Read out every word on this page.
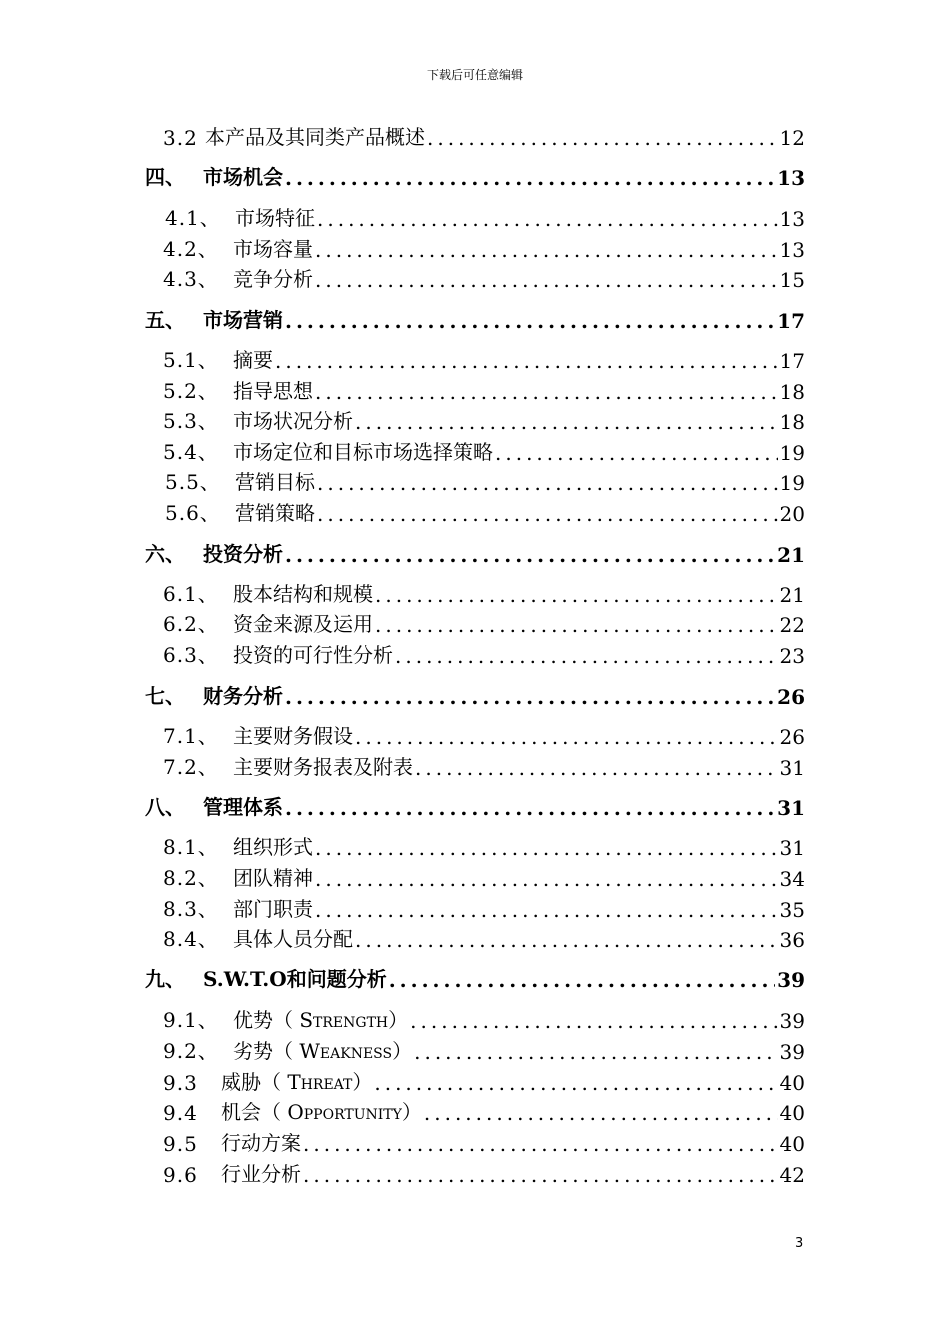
下载后可任意编辑
3.2 本产品及其同类产品概述 .....	12
四、 市场机会 .....	13
4.1、 市场特征 .....	13
4.2、 市场容量 .....	13
4.3、 竞争分析 .....	15
五、 市场营销 .....	17
5.1、 摘要 .....	17
5.2、 指导思想 .....	18
5.3、 市场状况分析 .....	18
5.4、 市场定位和目标市场选择策略 .....	19
5.5、 营销目标 .....	19
5.6、 营销策略 .....	20
六、 投资分析 .....	21
6.1、 股本结构和规模 .....	21
6.2、 资金来源及运用 .....	22
6.3、 投资的可行性分析 .....	23
七、 财务分析 .....	26
7.1、 主要财务假设 .....	26
7.2、 主要财务报表及附表 .....	31
八、 管理体系 .....	31
8.1、 组织形式 .....	31
8.2、 团队精神 .....	34
8.3、 部门职责 .....	35
8.4、 具体人员分配 .....	36
九、 S.W.T.O和问题分析 .....	39
9.1、 优势（ Strength） .....	39
9.2、 劣势（ Weakness） .....	39
9.3	威胁（ Threat） .....	40
9.4	机会（ Opportunity） .....	40
9.5	行动方案 .....	40
9.6	行业分析 .....	42
3
